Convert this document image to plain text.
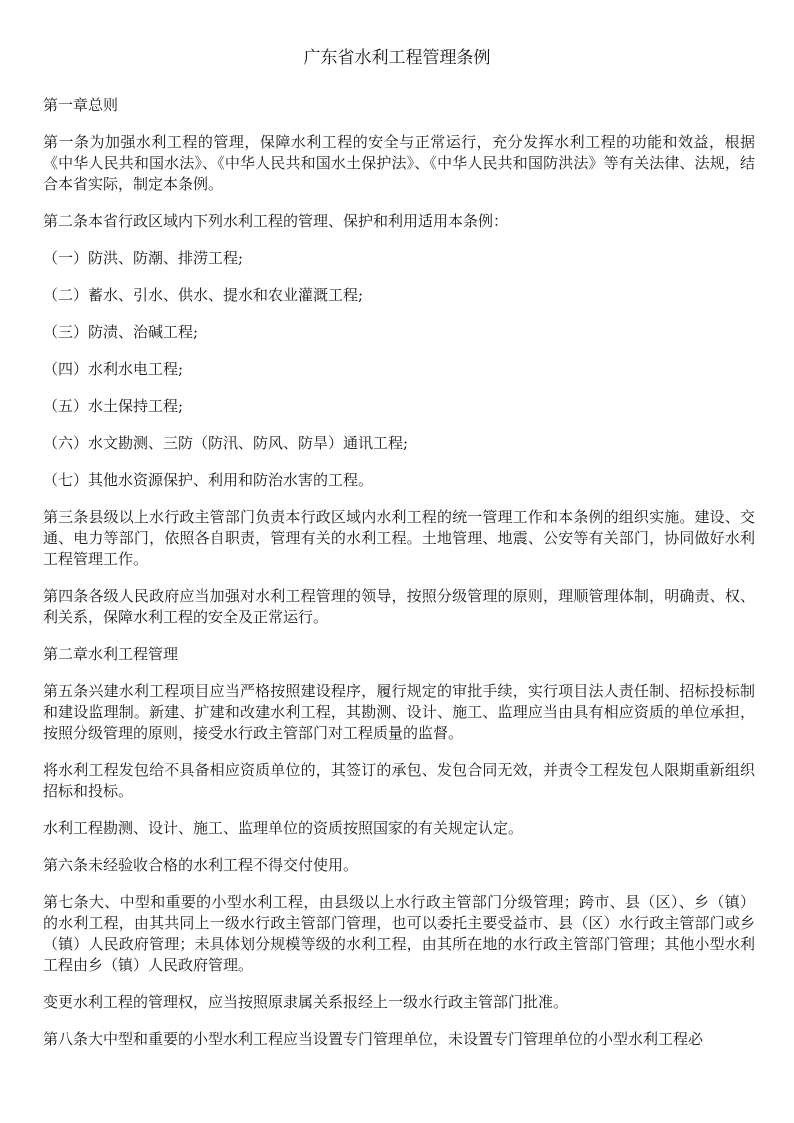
广东省水利工程管理条例

第一章总则

第一条为加强水利工程的管理，保障水利工程的安全与正常运行，充分发挥水利工程的功能和效益，根据《中华人民共和国水法》、《中华人民共和国水土保护法》、《中华人民共和国防洪法》等有关法律、法规，结合本省实际，制定本条例。

第二条本省行政区域内下列水利工程的管理、保护和利用适用本条例：

（一）防洪、防潮、排涝工程;

（二）蓄水、引水、供水、提水和农业灌溉工程;

（三）防渍、治碱工程;

（四）水利水电工程;

（五）水土保持工程;

（六）水文勘测、三防（防汛、防风、防旱）通讯工程;

（七）其他水资源保护、利用和防治水害的工程。

第三条县级以上水行政主管部门负责本行政区域内水利工程的统一管理工作和本条例的组织实施。建设、交通、电力等部门，依照各自职责，管理有关的水利工程。土地管理、地震、公安等有关部门，协同做好水利工程管理工作。

第四条各级人民政府应当加强对水利工程管理的领导，按照分级管理的原则，理顺管理体制，明确责、权、利关系，保障水利工程的安全及正常运行。

第二章水利工程管理

第五条兴建水利工程项目应当严格按照建设程序，履行规定的审批手续，实行项目法人责任制、招标投标制和建设监理制。新建、扩建和改建水利工程，其勘测、设计、施工、监理应当由具有相应资质的单位承担，按照分级管理的原则，接受水行政主管部门对工程质量的监督。

将水利工程发包给不具备相应资质单位的，其签订的承包、发包合同无效，并责令工程发包人限期重新组织招标和投标。

水利工程勘测、设计、施工、监理单位的资质按照国家的有关规定认定。

第六条未经验收合格的水利工程不得交付使用。

第七条大、中型和重要的小型水利工程，由县级以上水行政主管部门分级管理；跨市、县（区）、乡（镇）的水利工程，由其共同上一级水行政主管部门管理，也可以委托主要受益市、县（区）水行政主管部门或乡（镇）人民政府管理；未具体划分规模等级的水利工程，由其所在地的水行政主管部门管理；其他小型水利工程由乡（镇）人民政府管理。

变更水利工程的管理权，应当按照原隶属关系报经上一级水行政主管部门批准。

第八条大中型和重要的小型水利工程应当设置专门管理单位，未设置专门管理单位的小型水利工程必
